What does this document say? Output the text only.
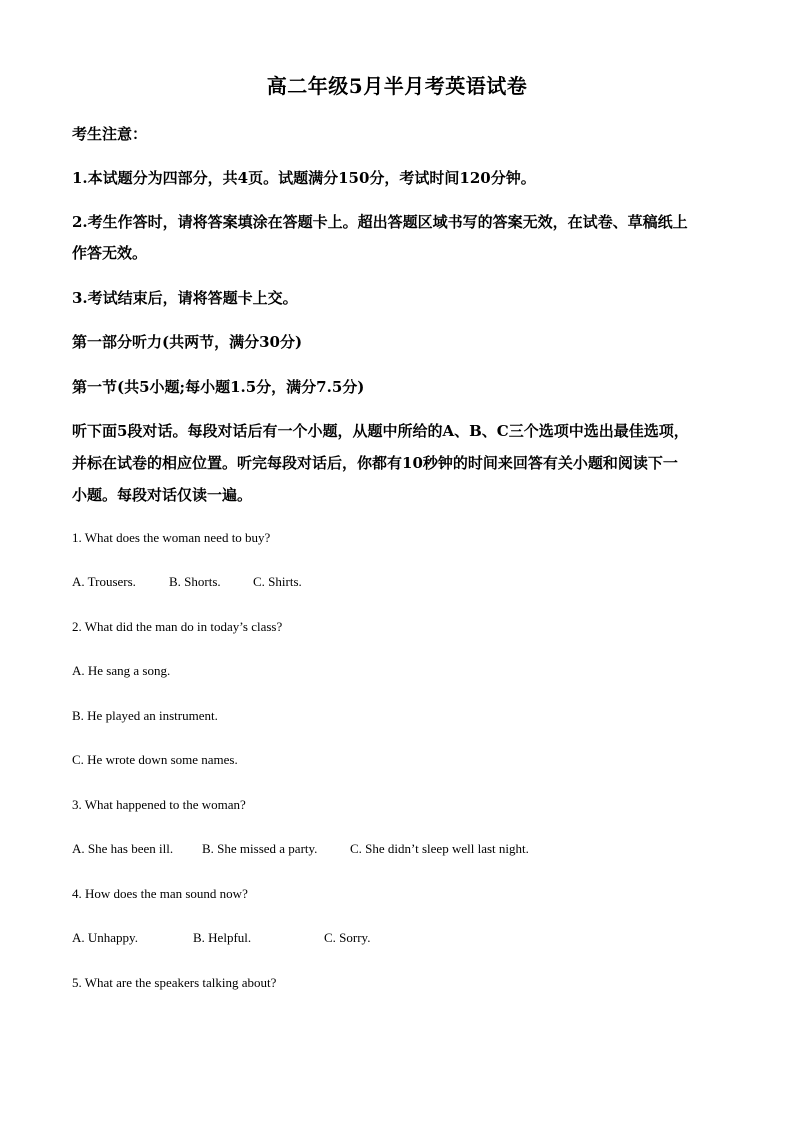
高二年级5月半月考英语试卷
考生注意：
1.本试题分为四部分，共4页。试题满分150分，考试时间120分钟。
2.考生作答时，请将答案填涂在答题卡上。超出答题区域书写的答案无效，在试卷、草稿纸上
作答无效。
3.考试结束后，请将答题卡上交。
第一部分听力(共两节，满分30分)
第一节(共5小题;每小题1.5分，满分7.5分)
听下面5段对话。每段对话后有一个小题，从题中所给的A、B、C三个选项中选出最佳选项，
并标在试卷的相应位置。听完每段对话后，你都有10秒钟的时间来回答有关小题和阅读下一
小题。每段对话仅读一遍。
1. What does the woman need to buy?
A. Trousers.	B. Shorts. C. Shirts.
2. What did the man do in today’s class?
A. He sang a song.
B. He played an instrument.
C. He wrote down some names.
3. What happened to the woman?
A. She has been ill. B. She missed a party.	C. She didn’t sleep well last night.
4. How does the man sound now?
A. Unhappy.	B. Helpful.	C. Sorry.
5. What are the speakers talking about?
